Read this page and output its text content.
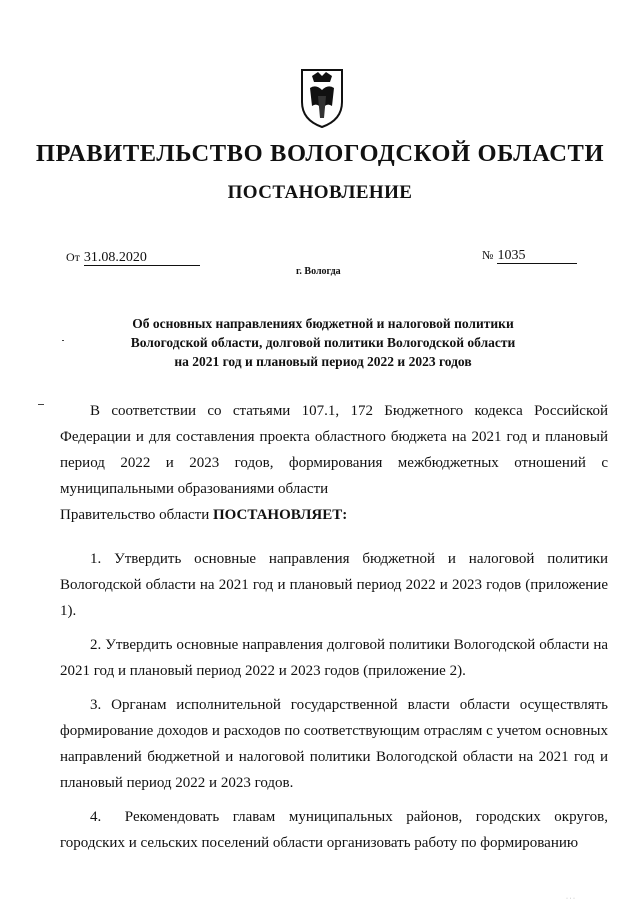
ПРАВИТЕЛЬСТВО ВОЛОГОДСКОЙ ОБЛАСТИ
ПОСТАНОВЛЕНИЕ
От 31.08.2020	№ 1035
г. Вологда
Об основных направлениях бюджетной и налоговой политики
Вологодской области, долговой политики Вологодской области
на 2021 год и плановый период 2022 и 2023 годов

В соответствии со статьями 107.1, 172 Бюджетного кодекса Российской Федерации и для составления проекта областного бюджета на 2021 год и плановый период 2022 и 2023 годов, формирования межбюджетных отношений с муниципальными образованиями области

Правительство области ПОСТАНОВЛЯЕТ:

1. Утвердить основные направления бюджетной и налоговой политики Вологодской области на 2021 год и плановый период 2022 и 2023 годов (приложение 1).

2. Утвердить основные направления долговой политики Вологодской области на 2021 год и плановый период 2022 и 2023 годов (приложение 2).

3. Органам исполнительной государственной власти области осуществлять формирование доходов и расходов по соответствующим отраслям с учетом основных направлений бюджетной и налоговой политики Вологодской области на 2021 год и плановый период 2022 и 2023 годов.

4. Рекомендовать главам муниципальных районов, городских округов, городских и сельских поселений области организовать работу по формированию

· · ·
